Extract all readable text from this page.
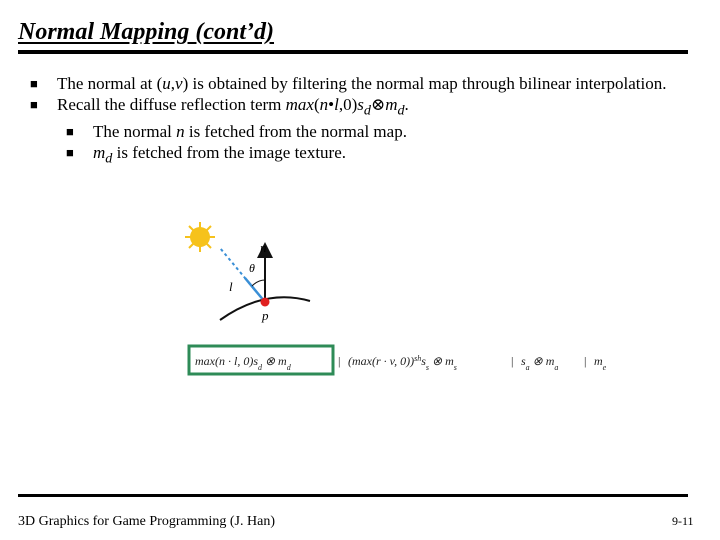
Normal Mapping (cont’d)
■ The normal at (u,v) is obtained by filtering the normal map through bilinear interpolation.
■ Recall the diffuse reflection term $\max(n•l,0)s_d\otimes m_d$.
■ The normal n is fetched from the normal map.
■ $m_d$ is fetched from the image texture.
n
θ
l
p
max(n · l, $0)s_d$ ⊗ $m_d$	| (max(r · v, $0))^{sh}s_s$ ⊗ $m_s$	| $s_a$ ⊗ $m_a$ | $m_e$
3D Graphics for Game Programming (J. Han)	9-11
